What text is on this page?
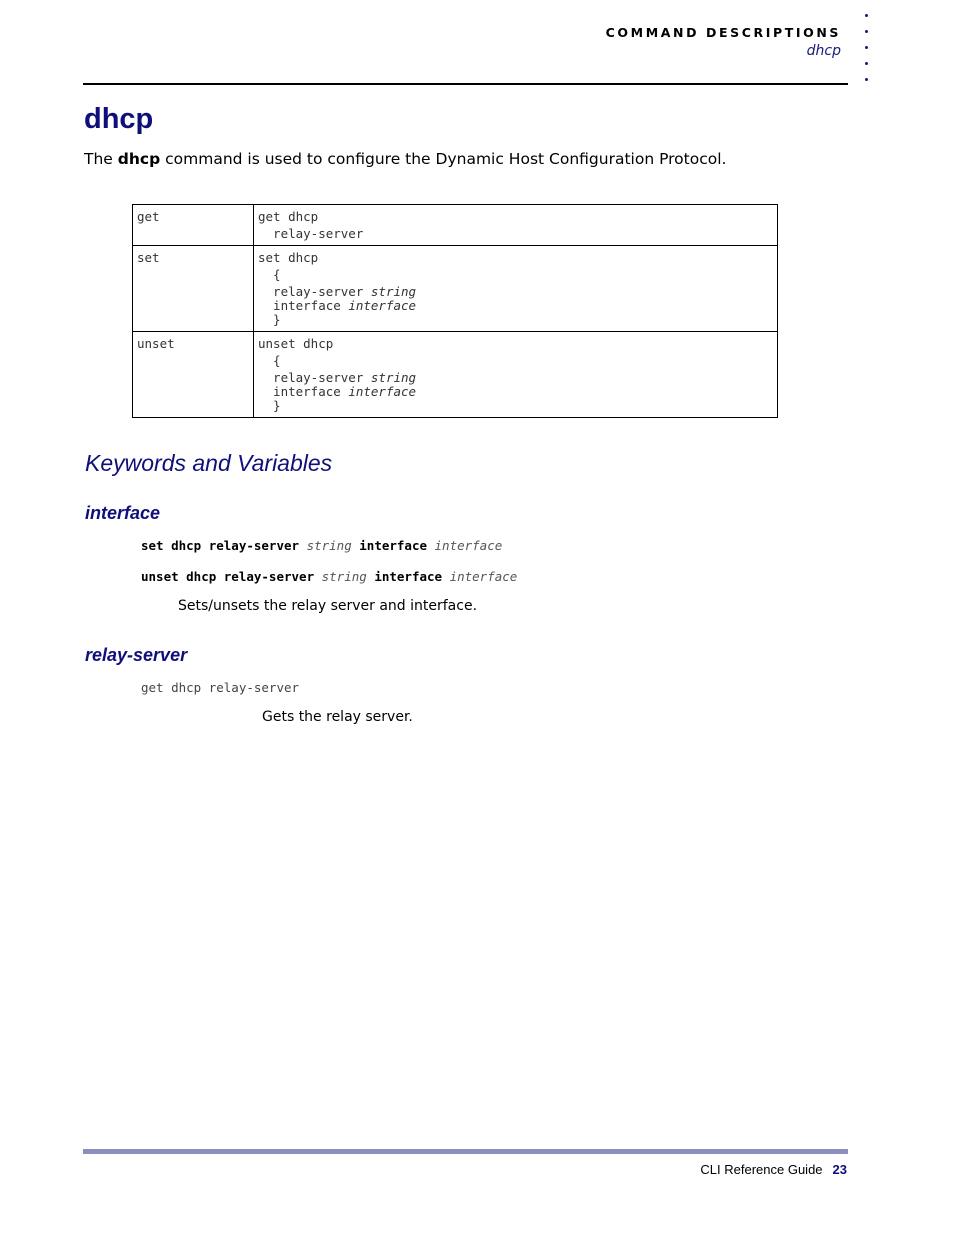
COMMAND DESCRIPTIONS
dhcp
dhcp
The dhcp command is used to configure the Dynamic Host Configuration Protocol.
get	get dhcp
relay-server

set	set dhcp
{
relay-server string
interface interface
}

unset	unset dhcp
{
relay-server string
interface interface
}
Keywords and Variables
interface
set dhcp relay-server string interface interface
unset dhcp relay-server string interface interface
Sets/unsets the relay server and interface.
relay-server
get dhcp relay-server
Gets the relay server.
CLI Reference Guide 23
